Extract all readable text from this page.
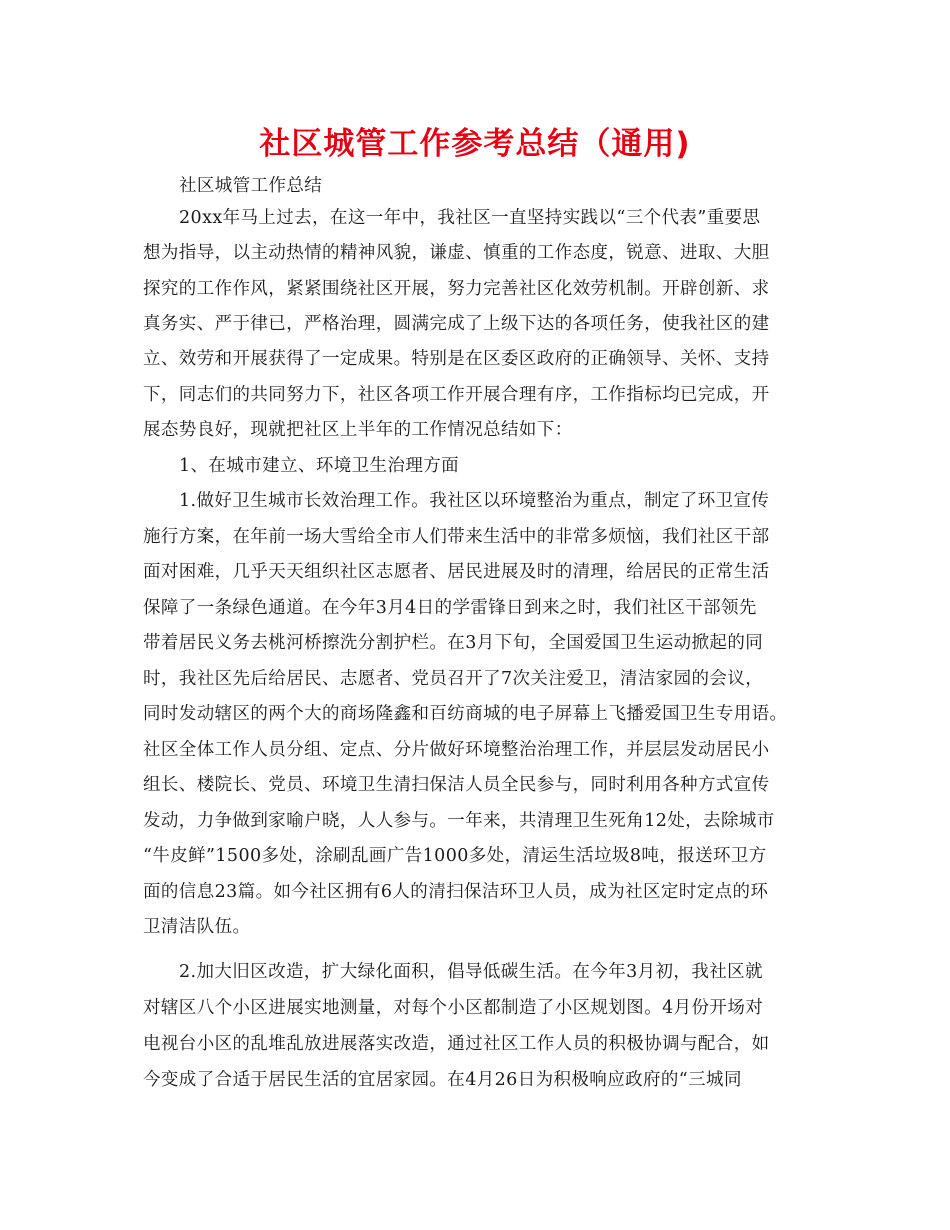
社区城管工作参考总结（通用)
社区城管工作总结
20xx年马上过去，在这一年中，我社区一直坚持实践以“三个代表”重要思
想为指导，以主动热情的精神风貌，谦虚、慎重的工作态度，锐意、进取、大胆
探究的工作作风，紧紧围绕社区开展，努力完善社区化效劳机制。开辟创新、求
真务实、严于律已，严格治理，圆满完成了上级下达的各项任务，使我社区的建
立、效劳和开展获得了一定成果。特别是在区委区政府的正确领导、关怀、支持
下，同志们的共同努力下，社区各项工作开展合理有序，工作指标均已完成，开
展态势良好，现就把社区上半年的工作情况总结如下：
1、在城市建立、环境卫生治理方面
1.做好卫生城市长效治理工作。我社区以环境整治为重点，制定了环卫宣传
施行方案，在年前一场大雪给全市人们带来生活中的非常多烦恼，我们社区干部
面对困难，几乎天天组织社区志愿者、居民进展及时的清理，给居民的正常生活
保障了一条绿色通道。在今年3月4日的学雷锋日到来之时，我们社区干部领先
带着居民义务去桃河桥擦洗分割护栏。在3月下旬，全国爱国卫生运动掀起的同
时，我社区先后给居民、志愿者、党员召开了7次关注爱卫，清洁家园的会议，
同时发动辖区的两个大的商场隆鑫和百纺商城的电子屏幕上飞播爱国卫生专用语。
社区全体工作人员分组、定点、分片做好环境整治治理工作，并层层发动居民小
组长、楼院长、党员、环境卫生清扫保洁人员全民参与，同时利用各种方式宣传
发动，力争做到家喻户晓，人人参与。一年来，共清理卫生死角12处，去除城市
“牛皮鲜”1500多处，涂刷乱画广告1000多处，清运生活垃圾8吨，报送环卫方
面的信息23篇。如今社区拥有6人的清扫保洁环卫人员，成为社区定时定点的环
卫清洁队伍。
2.加大旧区改造，扩大绿化面积，倡导低碳生活。在今年3月初，我社区就
对辖区八个小区进展实地测量，对每个小区都制造了小区规划图。4月份开场对
电视台小区的乱堆乱放进展落实改造，通过社区工作人员的积极协调与配合，如
今变成了合适于居民生活的宜居家园。在4月26日为积极响应政府的“三城同
